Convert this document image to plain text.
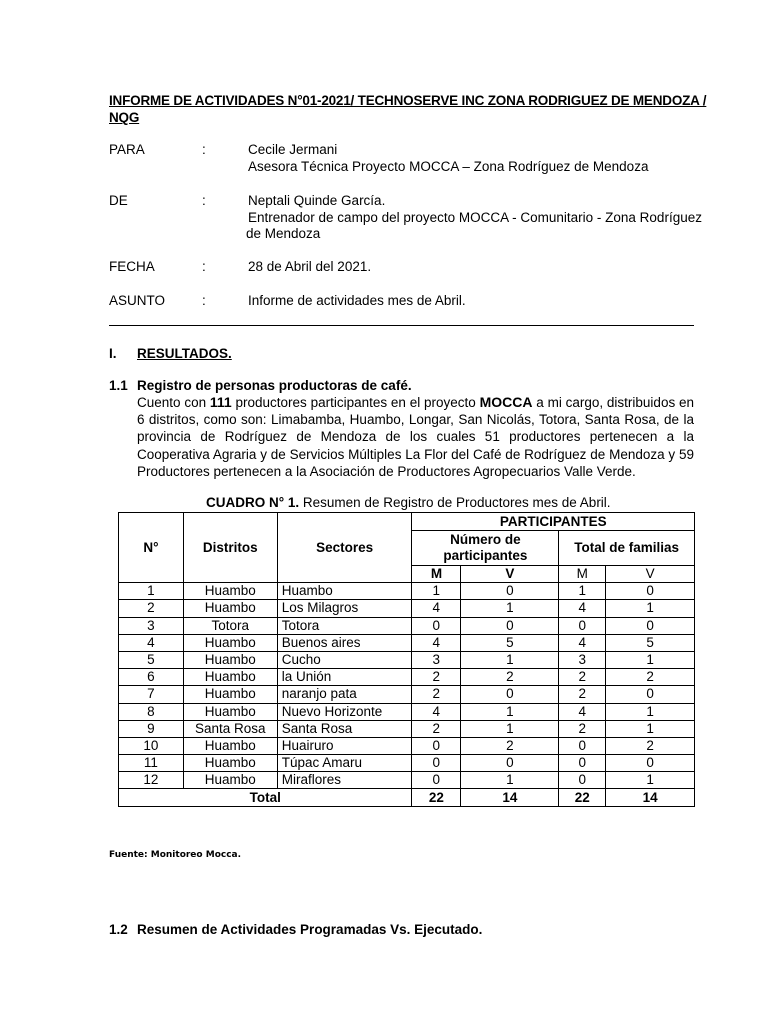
INFORME DE ACTIVIDADES N°01-2021/ TECHNOSERVE INC ZONA RODRIGUEZ DE MENDOZA / NQG
PARA	:	Cecile Jermani
Asesora Técnica Proyecto MOCCA – Zona Rodríguez de Mendoza
DE	:	Neptali Quinde García.
Entrenador de campo del proyecto MOCCA - Comunitario - Zona Rodríguez
de Mendoza
FECHA	:	28 de Abril del 2021.
ASUNTO	:	Informe de actividades mes de Abril.
I. RESULTADOS.
1.1 Registro de personas productoras de café.
Cuento con 111 productores participantes en el proyecto MOCCA a mi cargo, distribuidos en 6 distritos, como son: Limabamba, Huambo, Longar, San Nicolás, Totora, Santa Rosa, de la provincia de Rodríguez de Mendoza de los cuales 51 productores pertenecen a la Cooperativa Agraria y de Servicios Múltiples La Flor del Café de Rodríguez de Mendoza y 59 Productores pertenecen a la Asociación de Productores Agropecuarios Valle Verde.
CUADRO N° 1. Resumen de Registro de Productores mes de Abril.
N°	Distritos	Sectores	PARTICIPANTES			
			Número de participantes		Total de familias	
			M	V	M	V
1	Huambo	Huambo	1	0	1	0
2	Huambo	Los Milagros	4	1	4	1
3	Totora	Totora	0	0	0	0
4	Huambo	Buenos aires	4	5	4	5
5	Huambo	Cucho	3	1	3	1
6	Huambo	la Unión	2	2	2	2
7	Huambo	naranjo pata	2	0	2	0
8	Huambo	Nuevo Horizonte	4	1	4	1
9	Santa Rosa	Santa Rosa	2	1	2	1
10	Huambo	Huairuro	0	2	0	2
11	Huambo	Túpac Amaru	0	0	0	0
12	Huambo	Miraflores	0	1	0	1
Total			22	14	22	14
Fuente: Monitoreo Mocca.
1.2 Resumen de Actividades Programadas Vs. Ejecutado.
